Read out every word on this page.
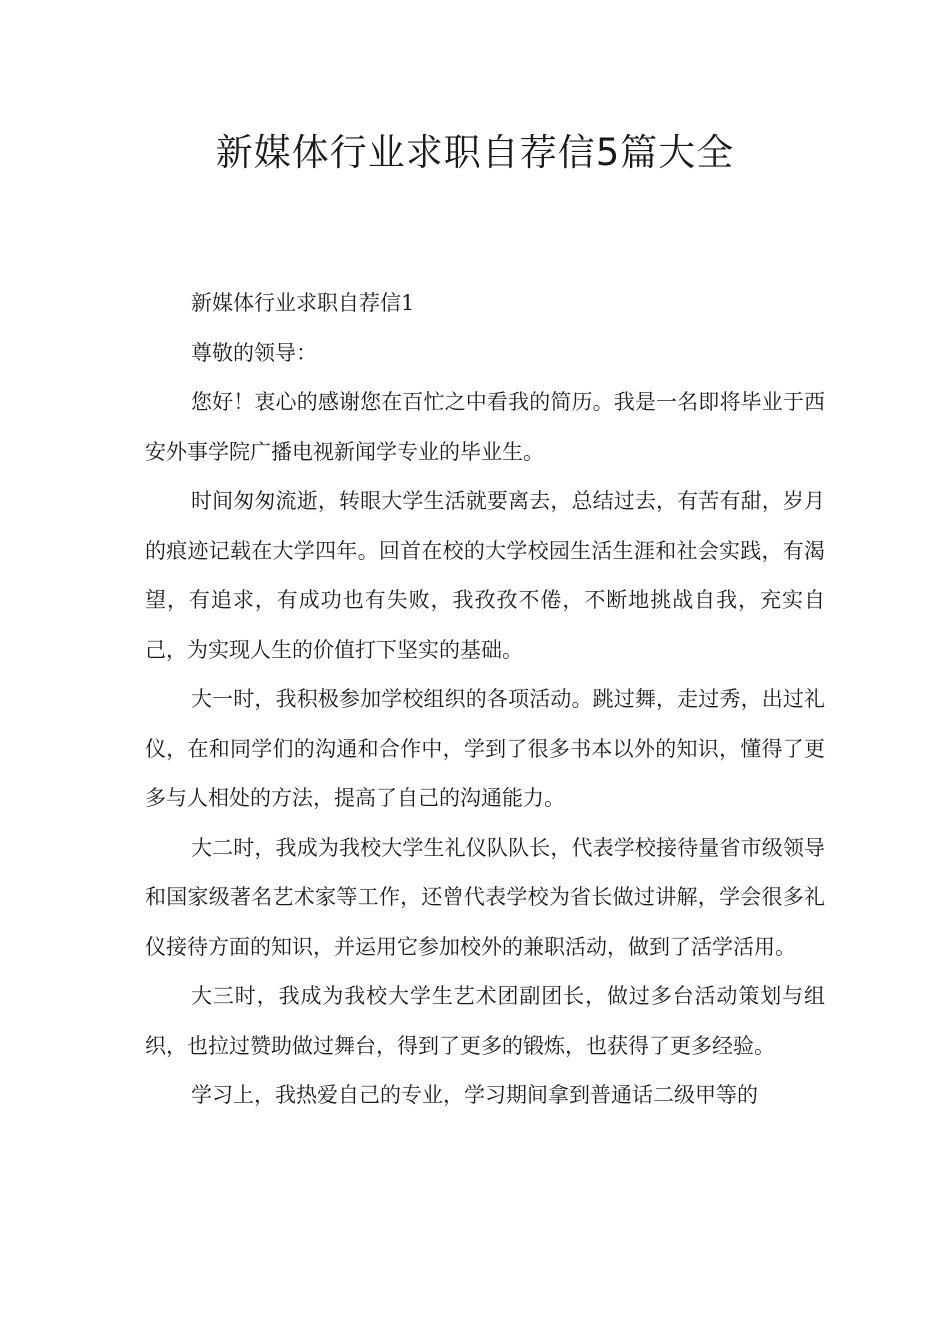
新媒体行业求职自荐信5篇大全

新媒体行业求职自荐信1

尊敬的领导：

您好！衷心的感谢您在百忙之中看我的简历。我是一名即将毕业于西安外事学院广播电视新闻学专业的毕业生。

时间匆匆流逝，转眼大学生活就要离去，总结过去，有苦有甜，岁月的痕迹记载在大学四年。回首在校的大学校园生活生涯和社会实践，有渴望，有追求，有成功也有失败，我孜孜不倦，不断地挑战自我，充实自己，为实现人生的价值打下坚实的基础。

大一时，我积极参加学校组织的各项活动。跳过舞，走过秀，出过礼仪，在和同学们的沟通和合作中，学到了很多书本以外的知识，懂得了更多与人相处的方法，提高了自己的沟通能力。

大二时，我成为我校大学生礼仪队队长，代表学校接待量省市级领导和国家级著名艺术家等工作，还曾代表学校为省长做过讲解，学会很多礼仪接待方面的知识，并运用它参加校外的兼职活动，做到了活学活用。

大三时，我成为我校大学生艺术团副团长，做过多台活动策划与组织，也拉过赞助做过舞台，得到了更多的锻炼，也获得了更多经验。

学习上，我热爱自己的专业，学习期间拿到普通话二级甲等的
